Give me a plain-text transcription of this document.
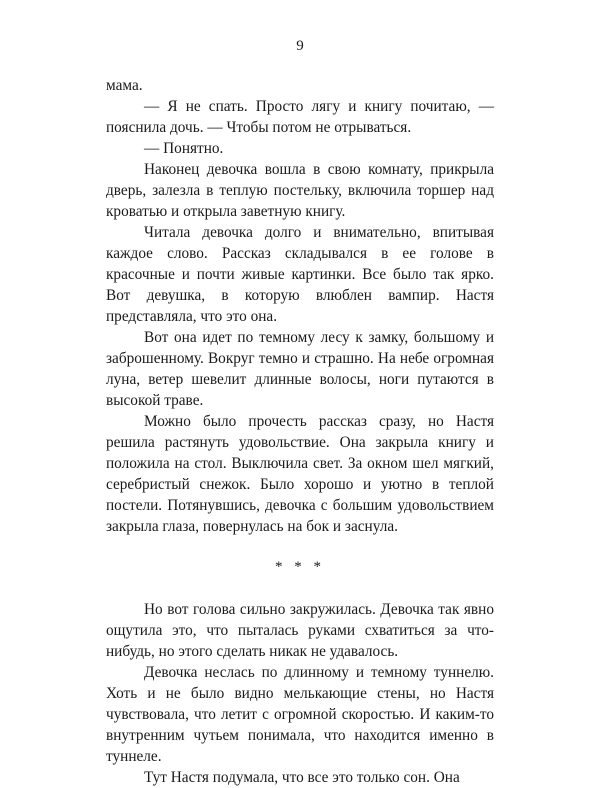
9

мама.

— Я не спать. Просто лягу и книгу почитаю, — пояснила дочь. — Чтобы потом не отрываться.

— Понятно.

Наконец девочка вошла в свою комнату, прикрыла дверь, залезла в теплую постельку, включила торшер над кроватью и открыла заветную книгу.

Читала девочка долго и внимательно, впитывая каждое слово. Рассказ складывался в ее голове в красочные и почти живые картинки. Все было так ярко. Вот девушка, в которую влюблен вампир. Настя представляла, что это она.

Вот она идет по темному лесу к замку, большому и заброшенному. Вокруг темно и страшно. На небе огромная луна, ветер шевелит длинные волосы, ноги путаются в высокой траве.

Можно было прочесть рассказ сразу, но Настя решила растянуть удовольствие. Она закрыла книгу и положила на стол. Выключила свет. За окном шел мягкий, серебристый снежок. Было хорошо и уютно в теплой постели. Потянувшись, девочка с большим удовольствием закрыла глаза, повернулась на бок и заснула.

* * *

Но вот голова сильно закружилась. Девочка так явно ощутила это, что пыталась руками схватиться за что-нибудь, но этого сделать никак не удавалось.

Девочка неслась по длинному и темному туннелю. Хоть и не было видно мелькающие стены, но Настя чувствовала, что летит с огромной скоростью. И каким-то внутренним чутьем понимала, что находится именно в туннеле.

Тут Настя подумала, что все это только сон. Она
